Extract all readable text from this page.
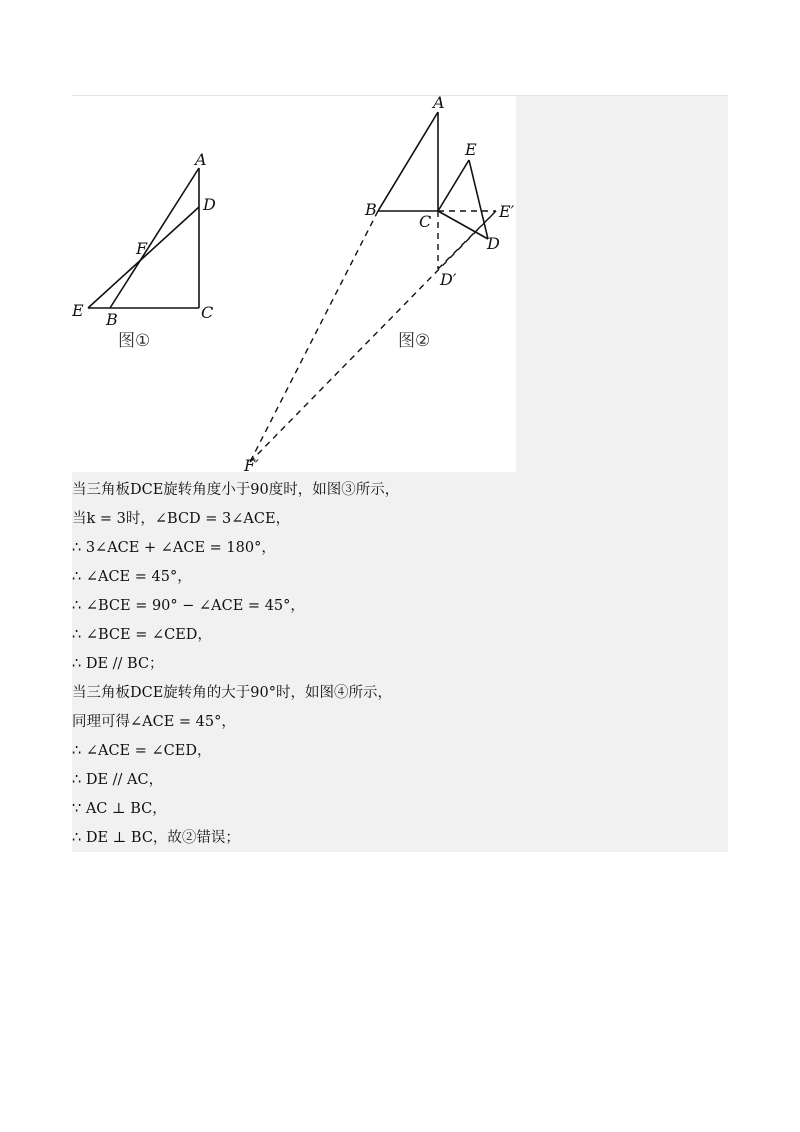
A
D
F
E B	C
图①
A
E
B
C
E′
D
D′
F′
图②
当三角板DCE旋转角度小于90度时，如图③所示，
当k = 3时，∠BCD = 3∠ACE，
∴ 3∠ACE + ∠ACE = 180°，
∴ ∠ACE = 45°，
∴ ∠BCE = 90° − ∠ACE = 45°，
∴ ∠BCE = ∠CED，
∴ DE // BC；
当三角板DCE旋转角的大于90°时，如图④所示，
同理可得∠ACE = 45°，
∴ ∠ACE = ∠CED，
∴ DE // AC，
∵ AC ⊥ BC，
∴ DE ⊥ BC，故②错误；
